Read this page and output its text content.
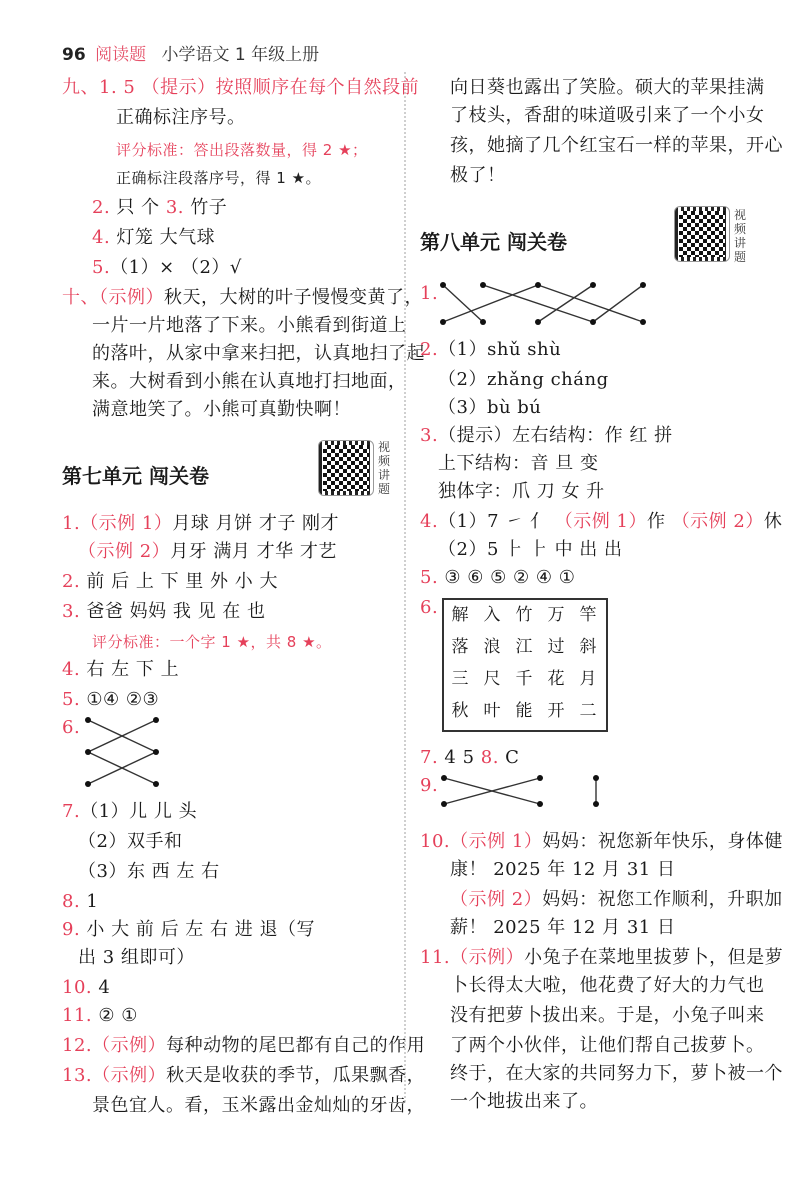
96 阅读题 小学语文 1 年级上册
九、1. 5 （提示）按照顺序在每个自然段前
正确标注序号。
评分标准：答出段落数量，得 2 ★；
正确标注段落序号，得 1 ★。
2. 只 个 3. 竹子
4. 灯笼 大气球
5.（1）× （2）√
十、（示例）秋天，大树的叶子慢慢变黄了，
一片一片地落了下来。小熊看到街道上
的落叶，从家中拿来扫把，认真地扫了起
来。大树看到小熊在认真地打扫地面，
满意地笑了。小熊可真勤快啊！
第七单元 闯关卷
视频讲题
1.（示例 1）月球 月饼 才子 刚才
（示例 2）月牙 满月 才华 才艺
2. 前 后 上 下 里 外 小 大
3. 爸爸 妈妈 我 见 在 也
评分标准：一个字 1 ★，共 8 ★。
4. 右 左 下 上
5. ①④ ②③
6.
7.（1）儿 儿 头
（2）双手和
（3）东 西 左 右
8. 1
9. 小 大 前 后 左 右 进 退（写
出 3 组即可）
10. 4
11. ② ①
12.（示例）每种动物的尾巴都有自己的作用
13.（示例）秋天是收获的季节，瓜果飘香，
景色宜人。看，玉米露出金灿灿的牙齿，
向日葵也露出了笑脸。硕大的苹果挂满
了枝头，香甜的味道吸引来了一个小女
孩，她摘了几个红宝石一样的苹果，开心
极了！
第八单元 闯关卷
视频讲题
1.
2.（1）shǔ shù
（2）zhǎng cháng
（3）bù bú
3.（提示）左右结构：作 红 拼
上下结构：音 旦 变
独体字：爪 刀 女 升
4.（1）7 ㇀ 亻 （示例 1）作 （示例 2）休
（2）5 ⺊ ⺊ 中 出 出
5. ③ ⑥ ⑤ ② ④ ①
6. 解 入 竹 万 竿
落 浪 江 过 斜
三 尺 千 花 月
秋 叶 能 开 二
7. 4 5 8. C
9.
10.（示例 1）妈妈：祝您新年快乐，身体健
康！ 2025 年 12 月 31 日
（示例 2）妈妈：祝您工作顺利，升职加
薪！ 2025 年 12 月 31 日
11.（示例）小兔子在菜地里拔萝卜，但是萝
卜长得太大啦，他花费了好大的力气也
没有把萝卜拔出来。于是，小兔子叫来
了两个小伙伴，让他们帮自己拔萝卜。
终于，在大家的共同努力下，萝卜被一个
一个地拔出来了。
